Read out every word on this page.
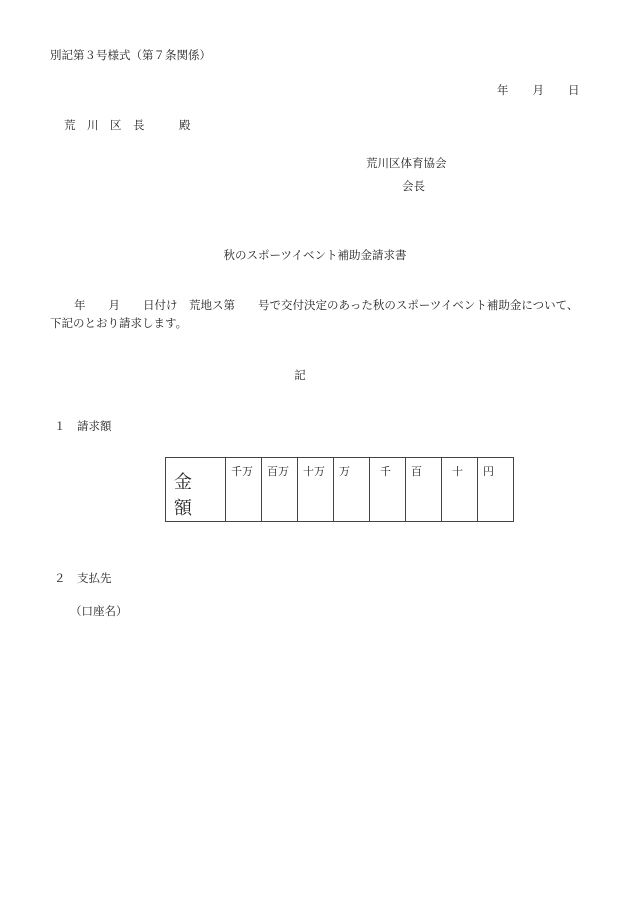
別記第３号様式（第７条関係）
年 月 日
荒　川　区　長　　　殿
荒川区体育協会
会長
秋のスポーツイベント補助金請求書
年　　月　　日付け　荒地ス第　　号で交付決定のあった秋のスポーツイベント補助金について、
下記のとおり請求します。
記
１　請求額
金額	千万	百万	十万	万	千	百	十	円
２　支払先
（口座名）
